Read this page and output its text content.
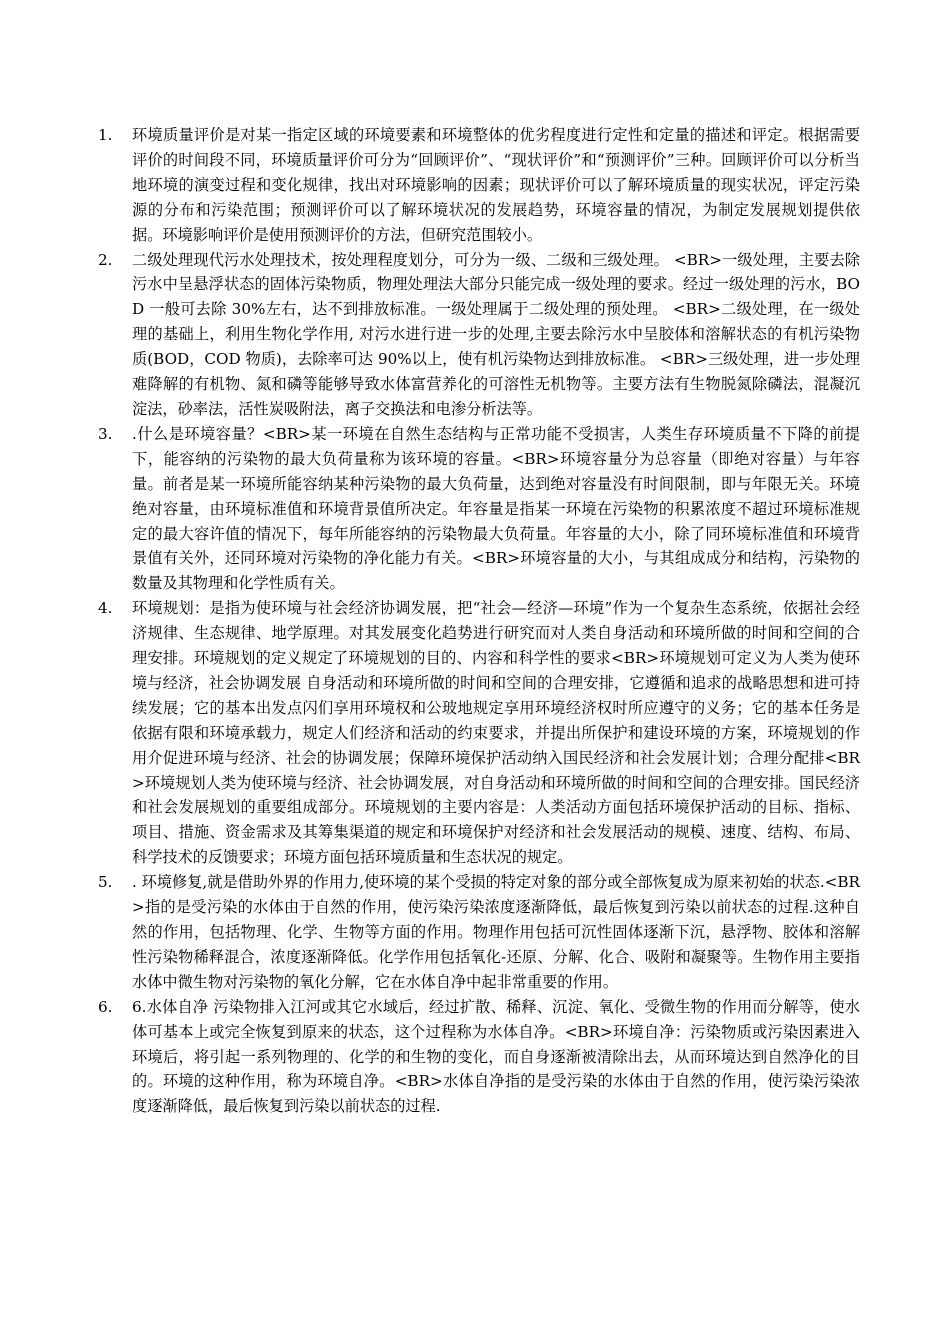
1.	环境质量评价是对某一指定区域的环境要素和环境整体的优劣程度进行定性和定量的描述和评定。根据需要评价的时间段不同，环境质量评价可分为“回顾评价”、“现状评价”和“预测评价”三种。回顾评价可以分析当地环境的演变过程和变化规律，找出对环境影响的因素；现状评价可以了解环境质量的现实状况，评定污染源的分布和污染范围；预测评价可以了解环境状况的发展趋势，环境容量的情况，为制定发展规划提供依据。环境影响评价是使用预测评价的方法，但研究范围较小。
2.	二级处理现代污水处理技术，按处理程度划分，可分为一级、二级和三级处理。 <BR>一级处理，主要去除污水中呈悬浮状态的固体污染物质，物理处理法大部分只能完成一级处理的要求。经过一级处理的污水，BOD 一般可去除 30%左右，达不到排放标准。一级处理属于二级处理的预处理。 <BR>二级处理，在一级处理的基础上，利用生物化学作用, 对污水进行进一步的处理,主要去除污水中呈胶体和溶解状态的有机污染物质(BOD，COD 物质)，去除率可达 90%以上，使有机污染物达到排放标准。 <BR>三级处理，进一步处理难降解的有机物、氮和磷等能够导致水体富营养化的可溶性无机物等。主要方法有生物脱氮除磷法，混凝沉淀法，砂率法，活性炭吸附法，离子交换法和电渗分析法等。
3.	.什么是环境容量？<BR>某一环境在自然生态结构与正常功能不受损害，人类生存环境质量不下降的前提下，能容纳的污染物的最大负荷量称为该环境的容量。<BR>环境容量分为总容量（即绝对容量）与年容量。前者是某一环境所能容纳某种污染物的最大负荷量，达到绝对容量没有时间限制，即与年限无关。环境绝对容量，由环境标准值和环境背景值所决定。年容量是指某一环境在污染物的积累浓度不超过环境标准规定的最大容许值的情况下，每年所能容纳的污染物最大负荷量。年容量的大小，除了同环境标准值和环境背景值有关外，还同环境对污染物的净化能力有关。<BR>环境容量的大小，与其组成成分和结构，污染物的数量及其物理和化学性质有关。
4.	环境规划：是指为使环境与社会经济协调发展，把“社会—经济—环境”作为一个复杂生态系统，依据社会经济规律、生态规律、地学原理。对其发展变化趋势进行研究而对人类自身活动和环境所做的时间和空间的合理安排。环境规划的定义规定了环境规划的目的、内容和科学性的要求<BR>环境规划可定义为人类为使环境与经济，社会协调发展 自身活动和环境所做的时间和空间的合理安排，它遵循和追求的战略思想和进可持续发展；它的基本出发点闪们享用环境权和公玻地规定享用环境经济权时所应遵守的义务；它的基本任务是依据有限和环境承载力，规定人们经济和活动的约束要求，并提出所保护和建设环境的方案，环境规划的作用介促进环境与经济、社会的协调发展；保障环境保护活动纳入国民经济和社会发展计划；合理分配排<BR>环境规划人类为使环境与经济、社会协调发展，对自身活动和环境所做的时间和空间的合理安排。国民经济和社会发展规划的重要组成部分。环境规划的主要内容是：人类活动方面包括环境保护活动的目标、指标、项目、措施、资金需求及其筹集渠道的规定和环境保护对经济和社会发展活动的规模、速度、结构、布局、科学技术的反馈要求；环境方面包括环境质量和生态状况的规定。
5.	. 环境修复,就是借助外界的作用力,使环境的某个受损的特定对象的部分或全部恢复成为原来初始的状态.<BR>指的是受污染的水体由于自然的作用，使污染污染浓度逐渐降低，最后恢复到污染以前状态的过程.这种自然的作用，包括物理、化学、生物等方面的作用。物理作用包括可沉性固体逐渐下沉，悬浮物、胶体和溶解性污染物稀释混合，浓度逐渐降低。化学作用包括氧化-还原、分解、化合、吸附和凝聚等。生物作用主要指水体中微生物对污染物的氧化分解，它在水体自净中起非常重要的作用。
6.	6.水体自净 污染物排入江河或其它水域后，经过扩散、稀释、沉淀、氧化、受微生物的作用而分解等，使水体可基本上或完全恢复到原来的状态，这个过程称为水体自净。<BR>环境自净：污染物质或污染因素进入环境后，将引起一系列物理的、化学的和生物的变化，而自身逐渐被清除出去，从而环境达到自然净化的目的。环境的这种作用，称为环境自净。<BR>水体自净指的是受污染的水体由于自然的作用，使污染污染浓度逐渐降低，最后恢复到污染以前状态的过程.
